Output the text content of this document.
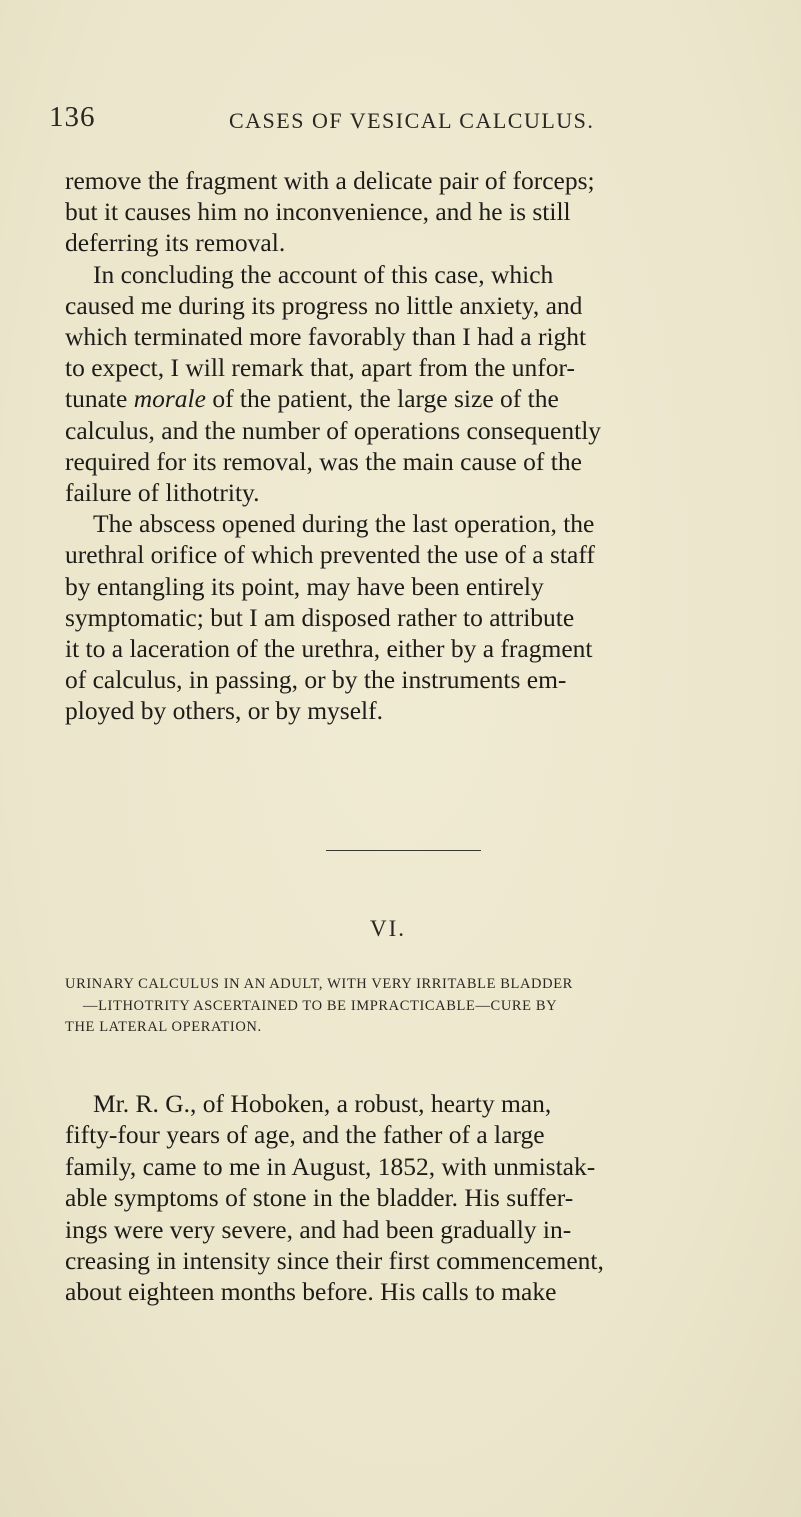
136	CASES OF VESICAL CALCULUS.

remove the fragment with a delicate pair of forceps;
but it causes him no inconvenience, and he is still
deferring its removal.

In concluding the account of this case, which
caused me during its progress no little anxiety, and
which terminated more favorably than I had a right
to expect, I will remark that, apart from the unfor-
tunate morale of the patient, the large size of the
calculus, and the number of operations consequently
required for its removal, was the main cause of the
failure of lithotrity.

The abscess opened during the last operation, the
urethral orifice of which prevented the use of a staff
by entangling its point, may have been entirely
symptomatic; but I am disposed rather to attribute
it to a laceration of the urethra, either by a fragment
of calculus, in passing, or by the instruments em-
ployed by others, or by myself.

VI.
URINARY CALCULUS IN AN ADULT, WITH VERY IRRITABLE BLADDER
—LITHOTRITY ASCERTAINED TO BE IMPRACTICABLE—CURE BY
THE LATERAL OPERATION.

Mr. R. G., of Hoboken, a robust, hearty man,
fifty-four years of age, and the father of a large
family, came to me in August, 1852, with unmistak-
able symptoms of stone in the bladder. His suffer-
ings were very severe, and had been gradually in-
creasing in intensity since their first commencement,
about eighteen months before. His calls to make
